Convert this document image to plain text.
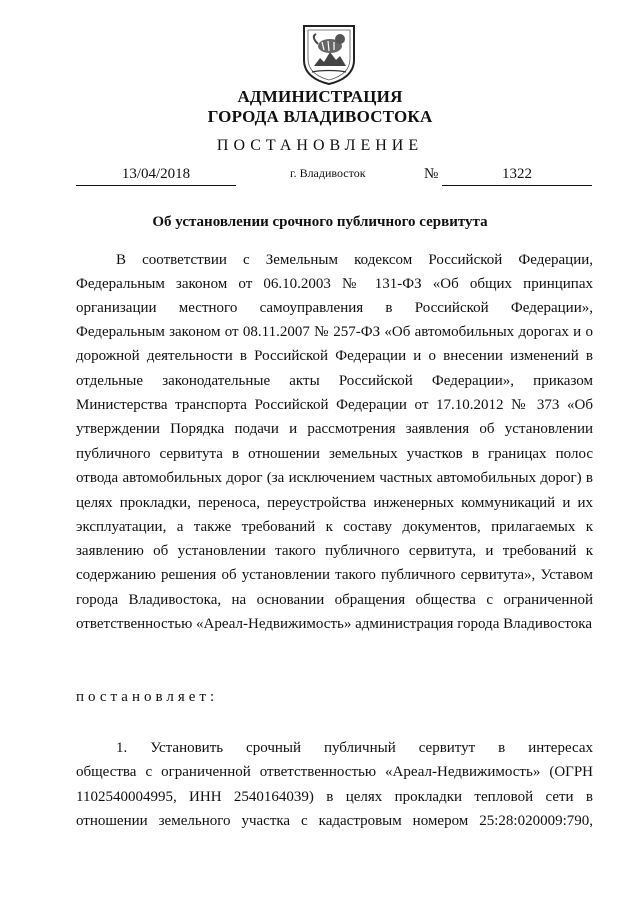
АДМИНИСТРАЦИЯ
ГОРОДА ВЛАДИВОСТОКА
ПОСТАНОВЛЕНИЕ
13/04/2018	г. Владивосток	№	1322
Об установлении срочного публичного сервитута
В соответствии с Земельным кодексом Российской Федерации,
Федеральным законом от 06.10.2003 № 131-ФЗ «Об общих принципах
организации местного самоуправления в Российской Федерации»,
Федеральным законом от 08.11.2007 № 257-ФЗ «Об автомобильных дорогах и о
дорожной деятельности в Российской Федерации и о внесении изменений в
отдельные законодательные акты Российской Федерации», приказом
Министерства транспорта Российской Федерации от 17.10.2012 № 373 «Об
утверждении Порядка подачи и рассмотрения заявления об установлении
публичного сервитута в отношении земельных участков в границах полос
отвода автомобильных дорог (за исключением частных автомобильных дорог) в
целях прокладки, переноса, переустройства инженерных коммуникаций и их
эксплуатации, а также требований к составу документов, прилагаемых к
заявлению об установлении такого публичного сервитута, и требований к
содержанию решения об установлении такого публичного сервитута», Уставом
города Владивостока, на основании обращения общества с ограниченной
ответственностью «Ареал-Недвижимость» администрация города Владивостока
постановляет:
1. Установить срочный публичный сервитут в интересах
общества с ограниченной ответственностью «Ареал-Недвижимость» (ОГРН
1102540004995, ИНН 2540164039) в целях прокладки тепловой сети в
отношении земельного участка с кадастровым номером 25:28:020009:790,
